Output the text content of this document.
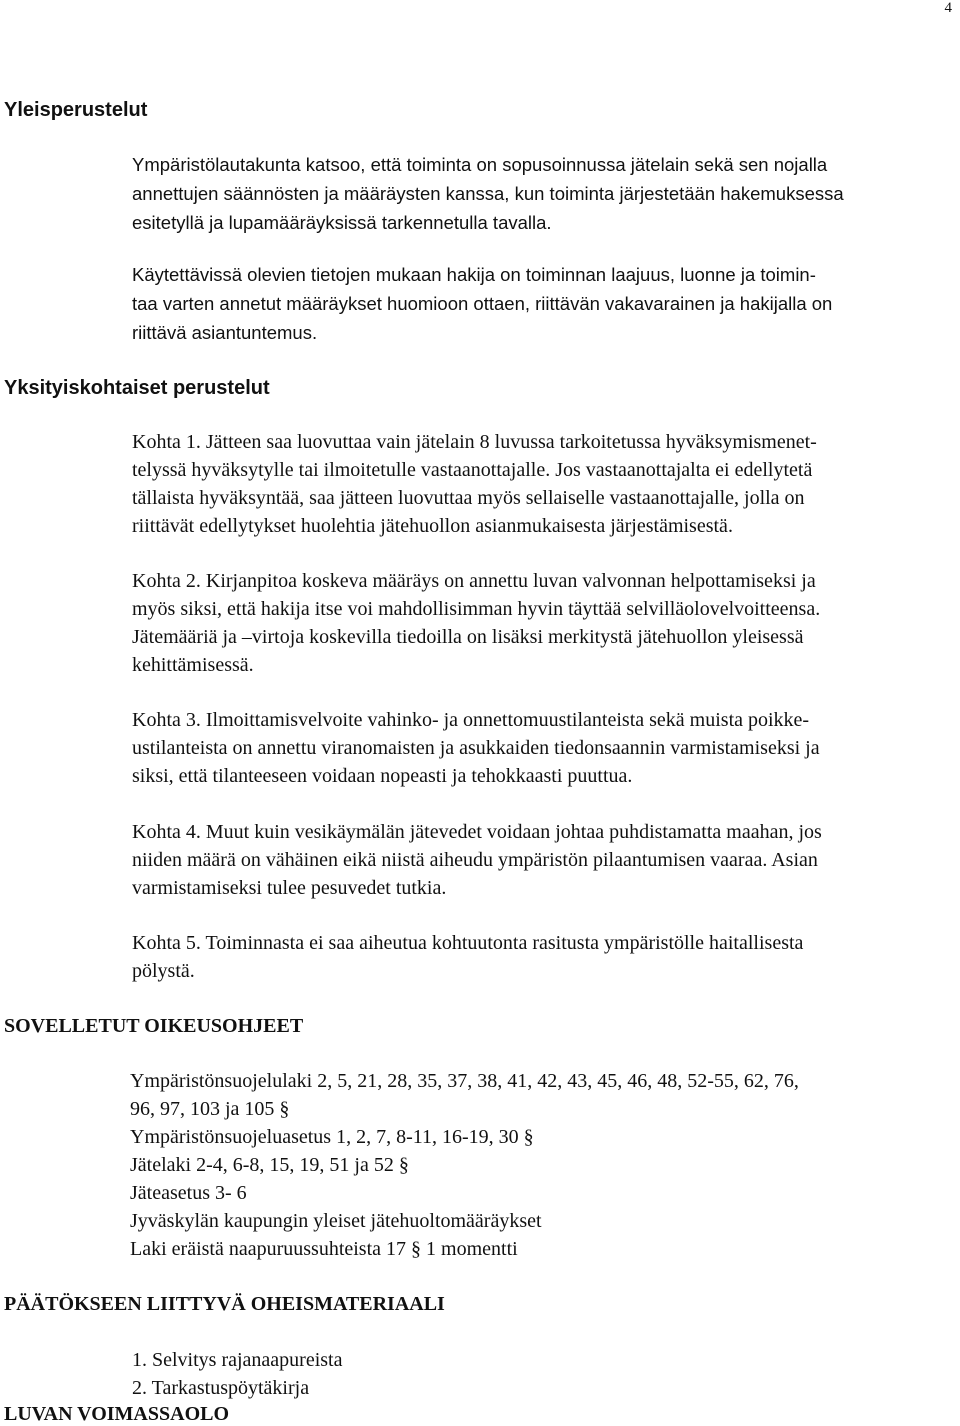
4
Yleisperustelut
Ympäristölautakunta katsoo, että toiminta on sopusoinnussa jätelain sekä sen nojalla
annettujen säännösten ja määräysten kanssa, kun toiminta järjestetään hakemuksessa
esitetyllä ja lupamääräyksissä tarkennetulla tavalla.
Käytettävissä olevien tietojen mukaan hakija on toiminnan laajuus, luonne ja toimin-
taa varten annetut määräykset huomioon ottaen, riittävän vakavarainen ja hakijalla on
riittävä asiantuntemus.
Yksityiskohtaiset perustelut
Kohta 1. Jätteen saa luovuttaa vain jätelain 8 luvussa tarkoitetussa hyväksymismenet-
telyssä hyväksytylle tai ilmoitetulle vastaanottajalle. Jos vastaanottajalta ei edellytetä
tällaista hyväksyntää, saa jätteen luovuttaa myös sellaiselle vastaanottajalle, jolla on
riittävät edellytykset huolehtia jätehuollon asianmukaisesta järjestämisestä.
Kohta 2. Kirjanpitoa koskeva määräys on annettu luvan valvonnan helpottamiseksi ja
myös siksi, että hakija itse voi mahdollisimman hyvin täyttää selvilläolovelvoitteensa.
Jätemääriä ja –virtoja koskevilla tiedoilla on lisäksi merkitystä jätehuollon yleisessä
kehittämisessä.
Kohta 3. Ilmoittamisvelvoite vahinko- ja onnettomuustilanteista sekä muista poikke-
ustilanteista on annettu viranomaisten ja asukkaiden tiedonsaannin varmistamiseksi ja
siksi, että tilanteeseen voidaan nopeasti ja tehokkaasti puuttua.
Kohta 4. Muut kuin vesikäymälän jätevedet voidaan johtaa puhdistamatta maahan, jos
niiden määrä on vähäinen eikä niistä aiheudu ympäristön pilaantumisen vaaraa. Asian
varmistamiseksi tulee pesuvedet tutkia.
Kohta 5. Toiminnasta ei saa aiheutua kohtuutonta rasitusta ympäristölle haitallisesta
pölystä.
SOVELLETUT OIKEUSOHJEET
Ympäristönsuojelulaki 2, 5, 21, 28, 35, 37, 38, 41, 42, 43, 45, 46, 48, 52-55, 62, 76,
96, 97, 103 ja 105 §
Ympäristönsuojeluasetus 1, 2, 7, 8-11, 16-19, 30 §
Jätelaki 2-4, 6-8, 15, 19, 51 ja 52 §
Jäteasetus 3- 6
Jyväskylän kaupungin yleiset jätehuoltomääräykset
Laki eräistä naapuruussuhteista 17 § 1 momentti
PÄÄTÖKSEEN LIITTYVÄ OHEISMATERIAALI
1. Selvitys rajanaapureista
2. Tarkastuspöytäkirja
LUVAN VOIMASSAOLO
